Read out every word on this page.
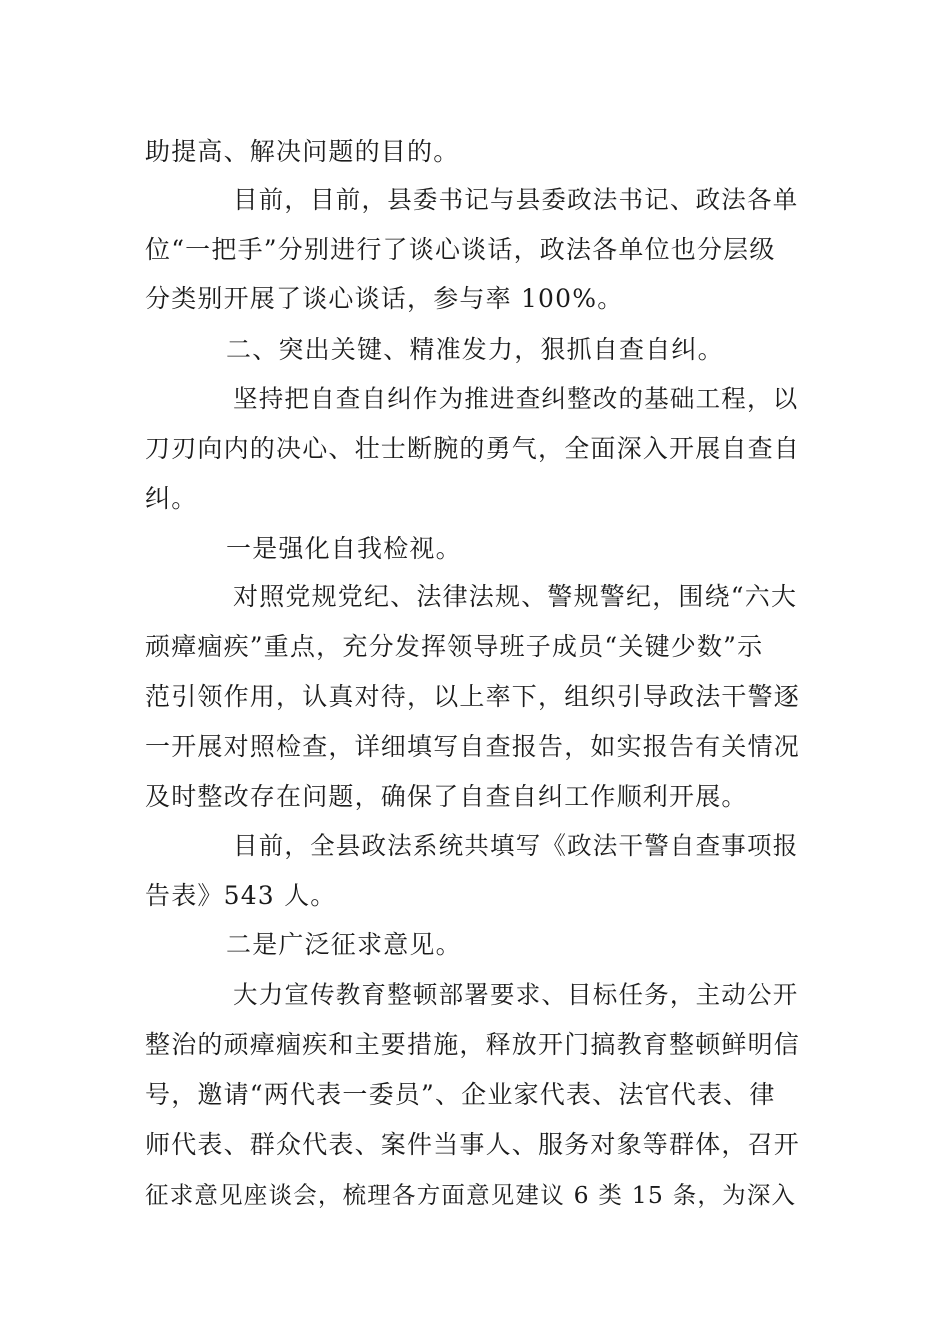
助提高、解决问题的目的。
目前，目前，县委书记与县委政法书记、政法各单
位“一把手”分别进行了谈心谈话，政法各单位也分层级
分类别开展了谈心谈话，参与率 100%。
二、突出关键、精准发力，狠抓自查自纠。
坚持把自查自纠作为推进查纠整改的基础工程，以
刀刃向内的决心、壮士断腕的勇气，全面深入开展自查自
纠。
一是强化自我检视。
对照党规党纪、法律法规、警规警纪，围绕“六大
顽瘴痼疾”重点，充分发挥领导班子成员“关键少数”示
范引领作用，认真对待，以上率下，组织引导政法干警逐
一开展对照检查，详细填写自查报告，如实报告有关情况
及时整改存在问题，确保了自查自纠工作顺利开展。
目前，全县政法系统共填写《政法干警自查事项报
告表》543 人。
二是广泛征求意见。
大力宣传教育整顿部署要求、目标任务，主动公开
整治的顽瘴痼疾和主要措施，释放开门搞教育整顿鲜明信
号，邀请“两代表一委员”、企业家代表、法官代表、律
师代表、群众代表、案件当事人、服务对象等群体，召开
征求意见座谈会，梳理各方面意见建议 6 类 15 条，为深入
